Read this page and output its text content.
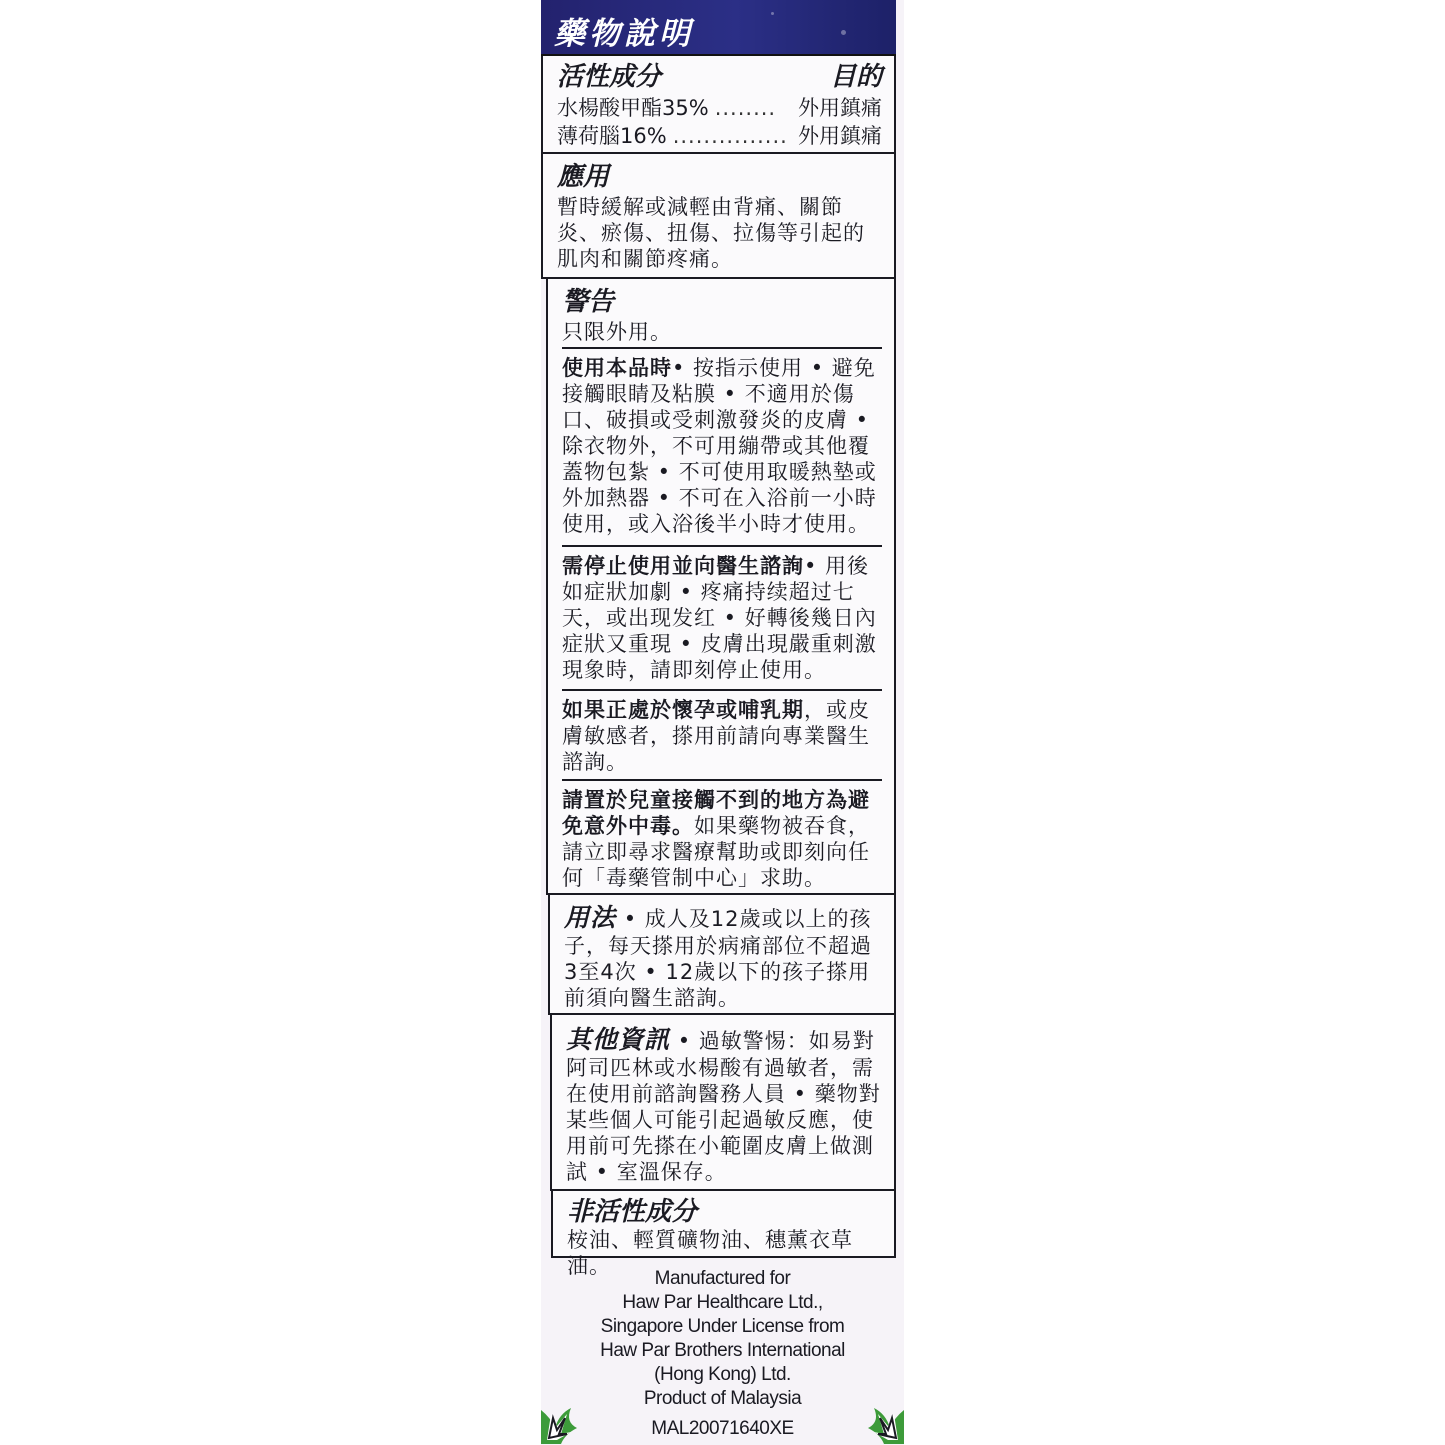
藥物說明
活性成分	目的
水楊酸甲酯35% ........	外用鎮痛
薄荷腦16% ............... 外用鎮痛

應用

暫時緩解或減輕由背痛、關節炎、瘀傷、扭傷、拉傷等引起的肌肉和關節疼痛。

警告

只限外用。

使用本品時• 按指示使用 • 避免接觸眼睛及粘膜 • 不適用於傷口、破損或受刺激發炎的皮膚 • 除衣物外，不可用繃帶或其他覆蓋物包紮 • 不可使用取暖熱墊或外加熱器 • 不可在入浴前一小時使用，或入浴後半小時才使用。

需停止使用並向醫生諮詢• 用後如症狀加劇 • 疼痛持续超过七天，或出现发红 • 好轉後幾日內症狀又重現 • 皮膚出現嚴重刺激現象時，請即刻停止使用。

如果正處於懷孕或哺乳期，或皮膚敏感者，搽用前請向專業醫生諮詢。

請置於兒童接觸不到的地方為避免意外中毒。如果藥物被吞食，請立即尋求醫療幫助或即刻向任何「毒藥管制中心」求助。

用法 • 成人及12歲或以上的孩子，每天搽用於病痛部位不超過3至4次 • 12歲以下的孩子搽用前須向醫生諮詢。

其他資訊 • 過敏警惕：如易對阿司匹林或水楊酸有過敏者，需在使用前諮詢醫務人員 • 藥物對某些個人可能引起過敏反應，使用前可先搽在小範圍皮膚上做測試 • 室溫保存。

非活性成分

桉油、輕質礦物油、穗薰衣草油。

Manufactured for
Haw Par Healthcare Ltd.,
Singapore Under License from
Haw Par Brothers International
(Hong Kong) Ltd.
Product of Malaysia
MAL20071640XE
